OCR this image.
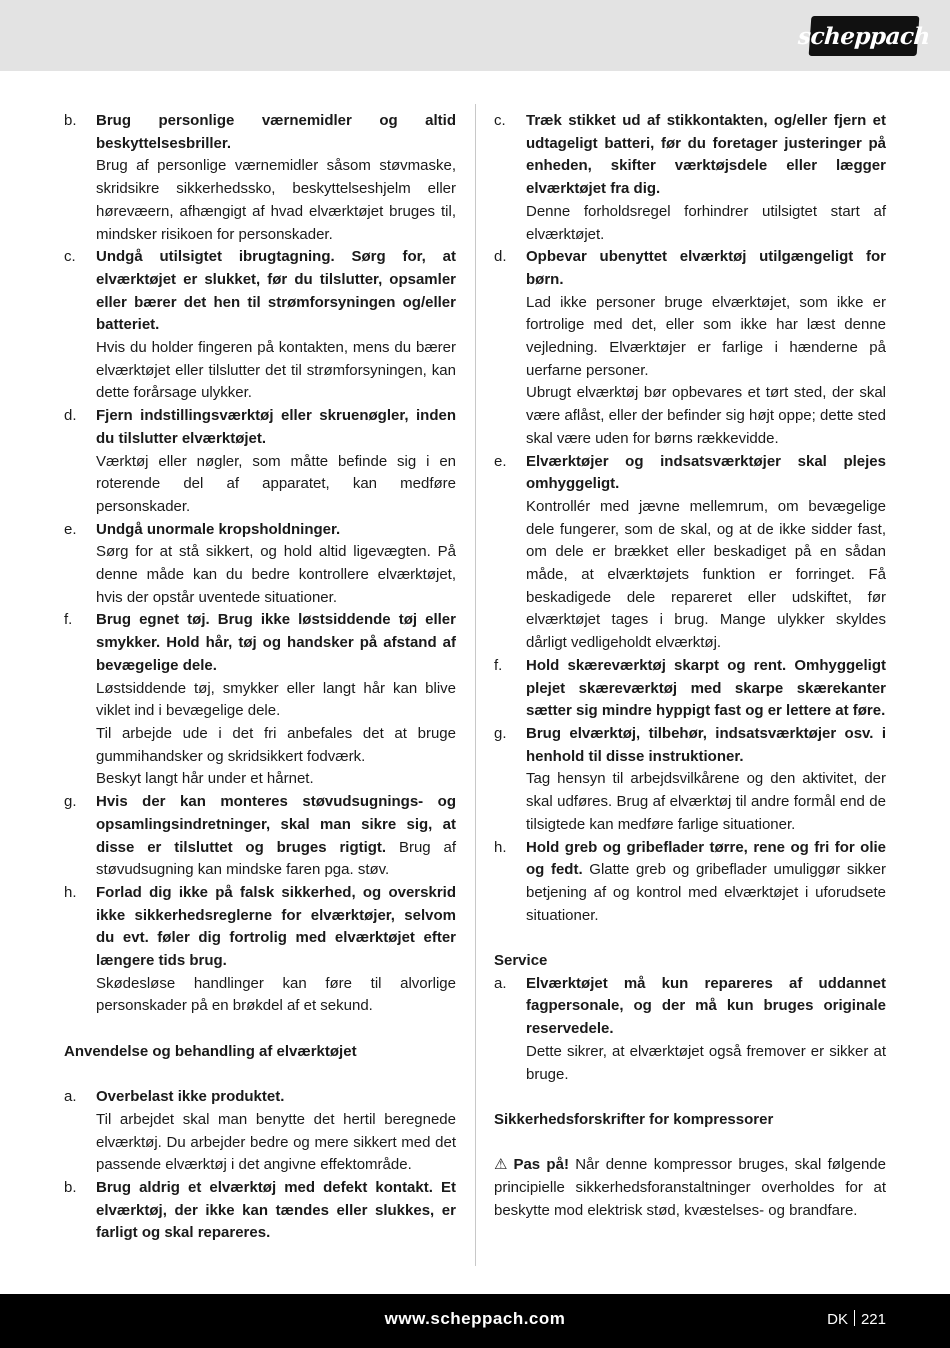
scheppach
b.	Brug personlige værnemidler og altid beskyttelsesbriller.

Brug af personlige værnemidler såsom støvmaske, skridsikre sikkerhedssko, beskyttelseshjelm eller hørevæern, afhængigt af hvad elværktøjet bruges til, mindsker risikoen for personskader.

c.	Undgå utilsigtet ibrugtagning. Sørg for, at elværktøjet er slukket, før du tilslutter, opsamler eller bærer det hen til strømforsyningen og/eller batteriet.

Hvis du holder fingeren på kontakten, mens du bærer elværktøjet eller tilslutter det til strømforsyningen, kan dette forårsage ulykker.

d.	Fjern indstillingsværktøj eller skruenøgler, inden du tilslutter elværktøjet.

Værktøj eller nøgler, som måtte befinde sig i en roterende del af apparatet, kan medføre personskader.

e.	Undgå unormale kropsholdninger.

Sørg for at stå sikkert, og hold altid ligevægten. På denne måde kan du bedre kontrollere elværktøjet, hvis der opstår uventede situationer.

f.	Brug egnet tøj. Brug ikke løstsiddende tøj eller smykker. Hold hår, tøj og handsker på afstand af bevægelige dele.

Løstsiddende tøj, smykker eller langt hår kan blive viklet ind i bevægelige dele.

Til arbejde ude i det fri anbefales det at bruge gummihandsker og skridsikkert fodværk.

Beskyt langt hår under et hårnet.

g.	Hvis der kan monteres støvudsugnings- og opsamlingsindretninger, skal man sikre sig, at disse er tilsluttet og bruges rigtigt. Brug af støvudsugning kan mindske faren pga. støv.

h.	Forlad dig ikke på falsk sikkerhed, og overskrid ikke sikkerhedsreglerne for elværktøjer, selvom du evt. føler dig fortrolig med elværktøjet efter længere tids brug.

Skødesløse handlinger kan føre til alvorlige personskader på en brøkdel af et sekund.

Anvendelse og behandling af elværktøjet

a.	Overbelast ikke produktet.

Til arbejdet skal man benytte det hertil beregnede elværktøj. Du arbejder bedre og mere sikkert med det passende elværktøj i det angivne effektområde.

b.	Brug aldrig et elværktøj med defekt kontakt. Et elværktøj, der ikke kan tændes eller slukkes, er farligt og skal repareres.

c.	Træk stikket ud af stikkontakten, og/eller fjern et udtageligt batteri, før du foretager justeringer på enheden, skifter værktøjsdele eller lægger elværktøjet fra dig.

Denne forholdsregel forhindrer utilsigtet start af elværktøjet.

d.	Opbevar ubenyttet elværktøj utilgængeligt for børn.

Lad ikke personer bruge elværktøjet, som ikke er fortrolige med det, eller som ikke har læst denne vejledning. Elværktøjer er farlige i hænderne på uerfarne personer.

Ubrugt elværktøj bør opbevares et tørt sted, der skal være aflåst, eller der befinder sig højt oppe; dette sted skal være uden for børns rækkevidde.

e.	Elværktøjer og indsatsværktøjer skal plejes omhyggeligt.

Kontrollér med jævne mellemrum, om bevægelige dele fungerer, som de skal, og at de ikke sidder fast, om dele er brækket eller beskadiget på en sådan måde, at elværktøjets funktion er forringet. Få beskadigede dele repareret eller udskiftet, før elværktøjet tages i brug. Mange ulykker skyldes dårligt vedligeholdt elværktøj.

f.	Hold skæreværktøj skarpt og rent. Omhyggeligt plejet skæreværktøj med skarpe skærekanter sætter sig mindre hyppigt fast og er lettere at føre.

g.	Brug elværktøj, tilbehør, indsatsværktøjer osv. i henhold til disse instruktioner.

Tag hensyn til arbejdsvilkårene og den aktivitet, der skal udføres. Brug af elværktøj til andre formål end de tilsigtede kan medføre farlige situationer.

h.	Hold greb og gribeflader tørre, rene og fri for olie og fedt. Glatte greb og gribeflader umuliggør sikker betjening af og kontrol med elværktøjet i uforudsete situationer.

Service

a.	Elværktøjet må kun repareres af uddannet fagpersonale, og der må kun bruges originale reservedele.

Dette sikrer, at elværktøjet også fremover er sikker at bruge.

Sikkerhedsforskrifter for kompressorer

⚠ Pas på! Når denne kompressor bruges, skal følgende principielle sikkerhedsforanstaltninger overholdes for at beskytte mod elektrisk stød, kvæstelses- og brandfare.

www.scheppach.com	DK 221
